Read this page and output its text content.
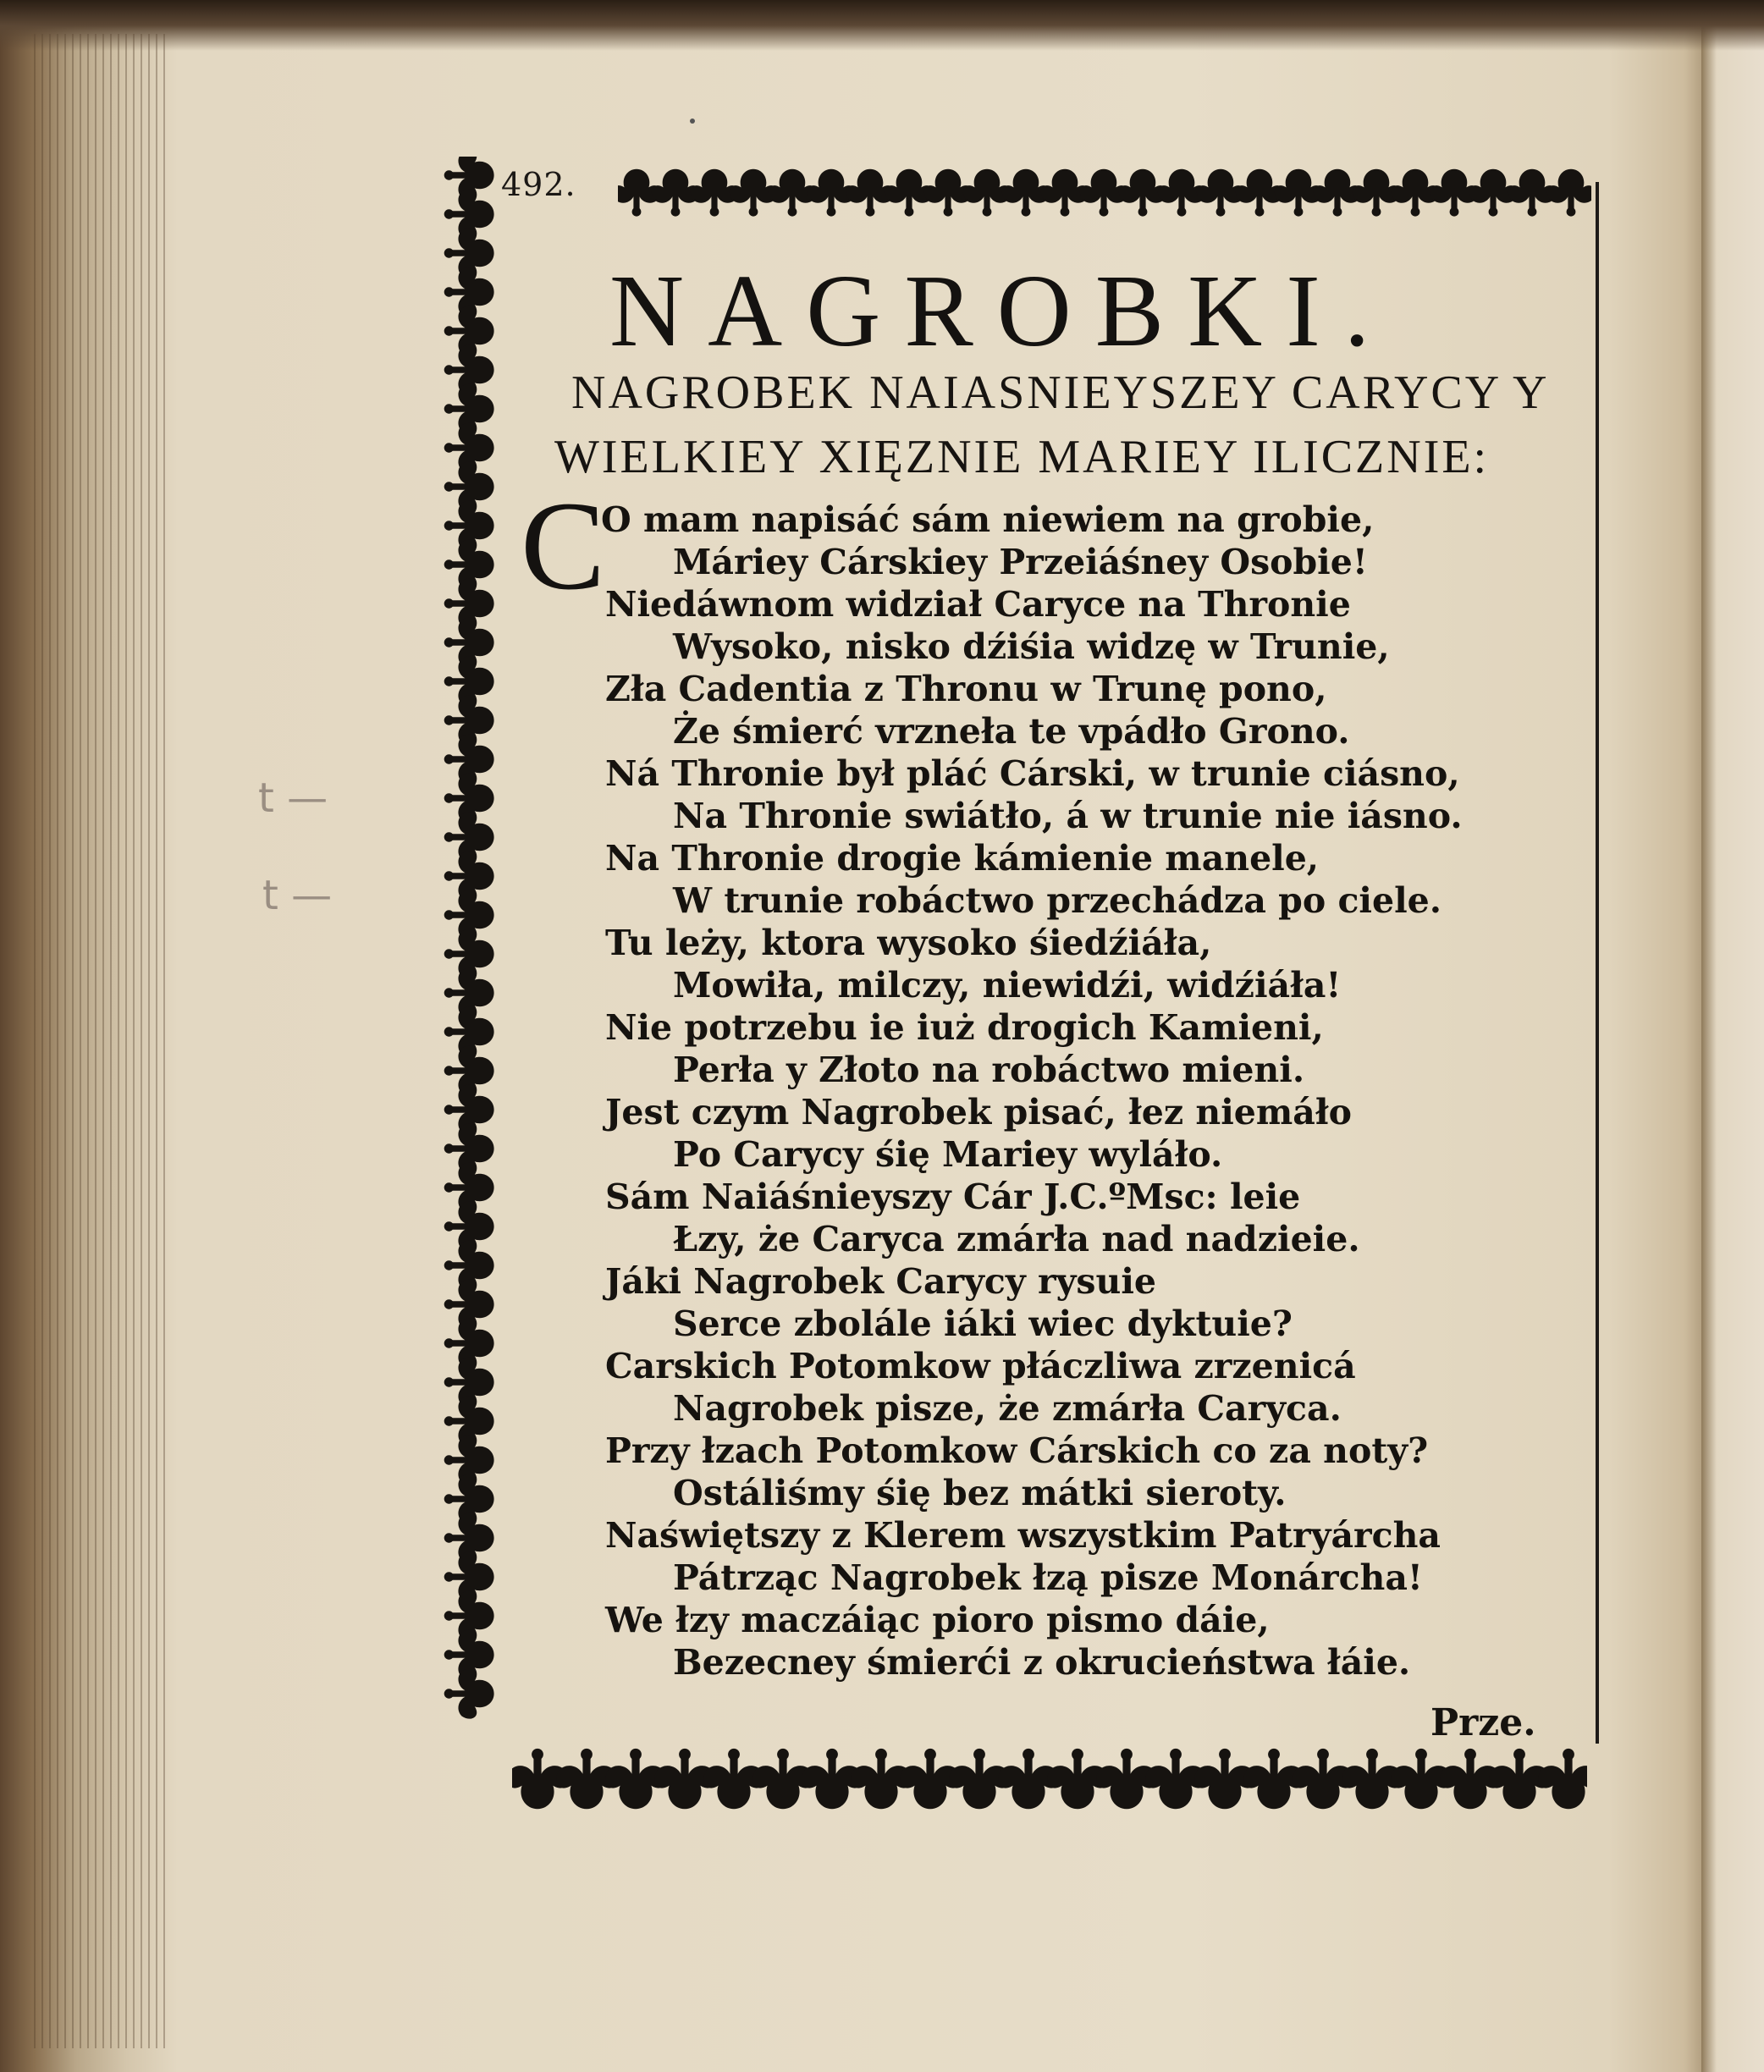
t —
t —
492.
NAGROBKI.
NAGROBEK NAIASNIEYSZEY CARYCY Y
WIELKIEY XIĘZNIE MARIEY ILICZNIE:
C
O mam napisáć sám niewiem na grobie,
Máriey Cárskiey Przeiáśney Osobie!
Niedáwnom widział Caryce na Thronie
Wysoko, nisko dźiśia widzę w Trunie,
Zła Cadentia z Thronu w Trunę pono,
Że śmierć vrzneła te vpádło Grono.
Ná Thronie był pláć Cárski, w trunie ciásno,
Na Thronie swiátło, á w trunie nie iásno.
Na Thronie drogie kámienie manele,
W trunie robáctwo przechádza po ciele.
Tu leży, ktora wysoko śiedźiáła,
Mowiła, milczy, niewidźi, widźiáła!
Nie potrzebu ie iuż drogich Kamieni,
Perła y Złoto na robáctwo mieni.
Jest czym Nagrobek pisać, łez niemáło
Po Carycy śię Mariey wyláło.
Sám Naiáśnieyszy Cár J.C.ºMsc: leie
Łzy, że Caryca zmárła nad nadzieie.
Jáki Nagrobek Carycy rysuie
Serce zbolále iáki wiec dyktuie?
Carskich Potomkow płáczliwa zrzenicá
Nagrobek pisze, że zmárła Caryca.
Przy łzach Potomkow Cárskich co za noty?
Ostáliśmy śię bez mátki sieroty.
Naświętszy z Klerem wszystkim Patryárcha
Pátrząc Nagrobek łzą pisze Monárcha!
We łzy maczáiąc pioro pismo dáie,
Bezecney śmierći z okrucieństwa łáie.
Prze.
